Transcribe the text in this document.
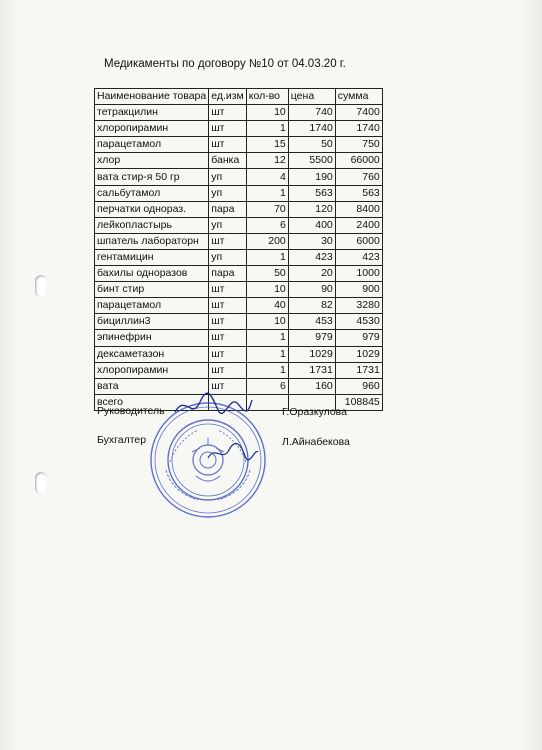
Медикаменты по договору №10 от 04.03.20 г.
Наименование товара	ед.изм	кол-во	цена	сумма
тетракцилин	шт	10	740	7400
хлоропирамин	шт	1	1740	1740
парацетамол	шт	15	50	750
хлор	банка	12	5500	66000
вата стир-я 50 гр	уп	4	190	760
сальбутамол	уп	1	563	563
перчатки однораз.	пара	70	120	8400
лейкопластырь	уп	6	400	2400
шпатель лабораторн	шт	200	30	6000
гентамицин	уп	1	423	423
бахилы одноразов	пара	50	20	1000
бинт стир	шт	10	90	900
парацетамол	шт	40	82	3280
бициллин3	шт	10	453	4530
эпинефрин	шт	1	979	979
дексаметазон	шт	1	1029	1029
хлоропирамин	шт	1	1731	1731
вата	шт	6	160	960
всего				108845
Руководитель	Г.Оразкулова
Бухгалтер	Л.Айнабекова
